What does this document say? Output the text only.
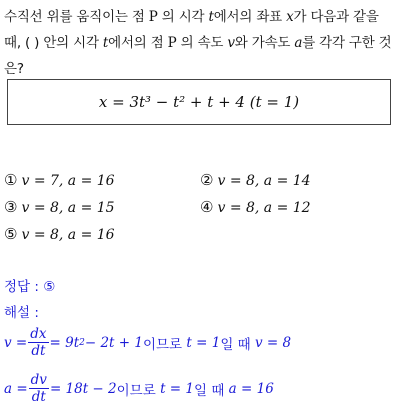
수직선 위를 움직이는 점 P 의 시각 t에서의 좌표 x가 다음과 같을 때, ( ) 안의 시각 t에서의 점 P 의 속도 v와 가속도 a를 각각 구한 것은?
x = 3t³ − t² + t + 4 (t = 1)
① v = 7, a = 16	② v = 8, a = 14
③ v = 8, a = 15	④ v = 8, a = 12
⑤ v = 8, a = 16
정답 : ⑤
해설 :
$v = \frac{dx}{dt} = 9t$ 2 − 2t + 1 이므로
t = 1 일 때
v = 8
$a = \frac{dv}{dt} = 18t - 2$ 이므로
t = 1 일 때
a = 16
